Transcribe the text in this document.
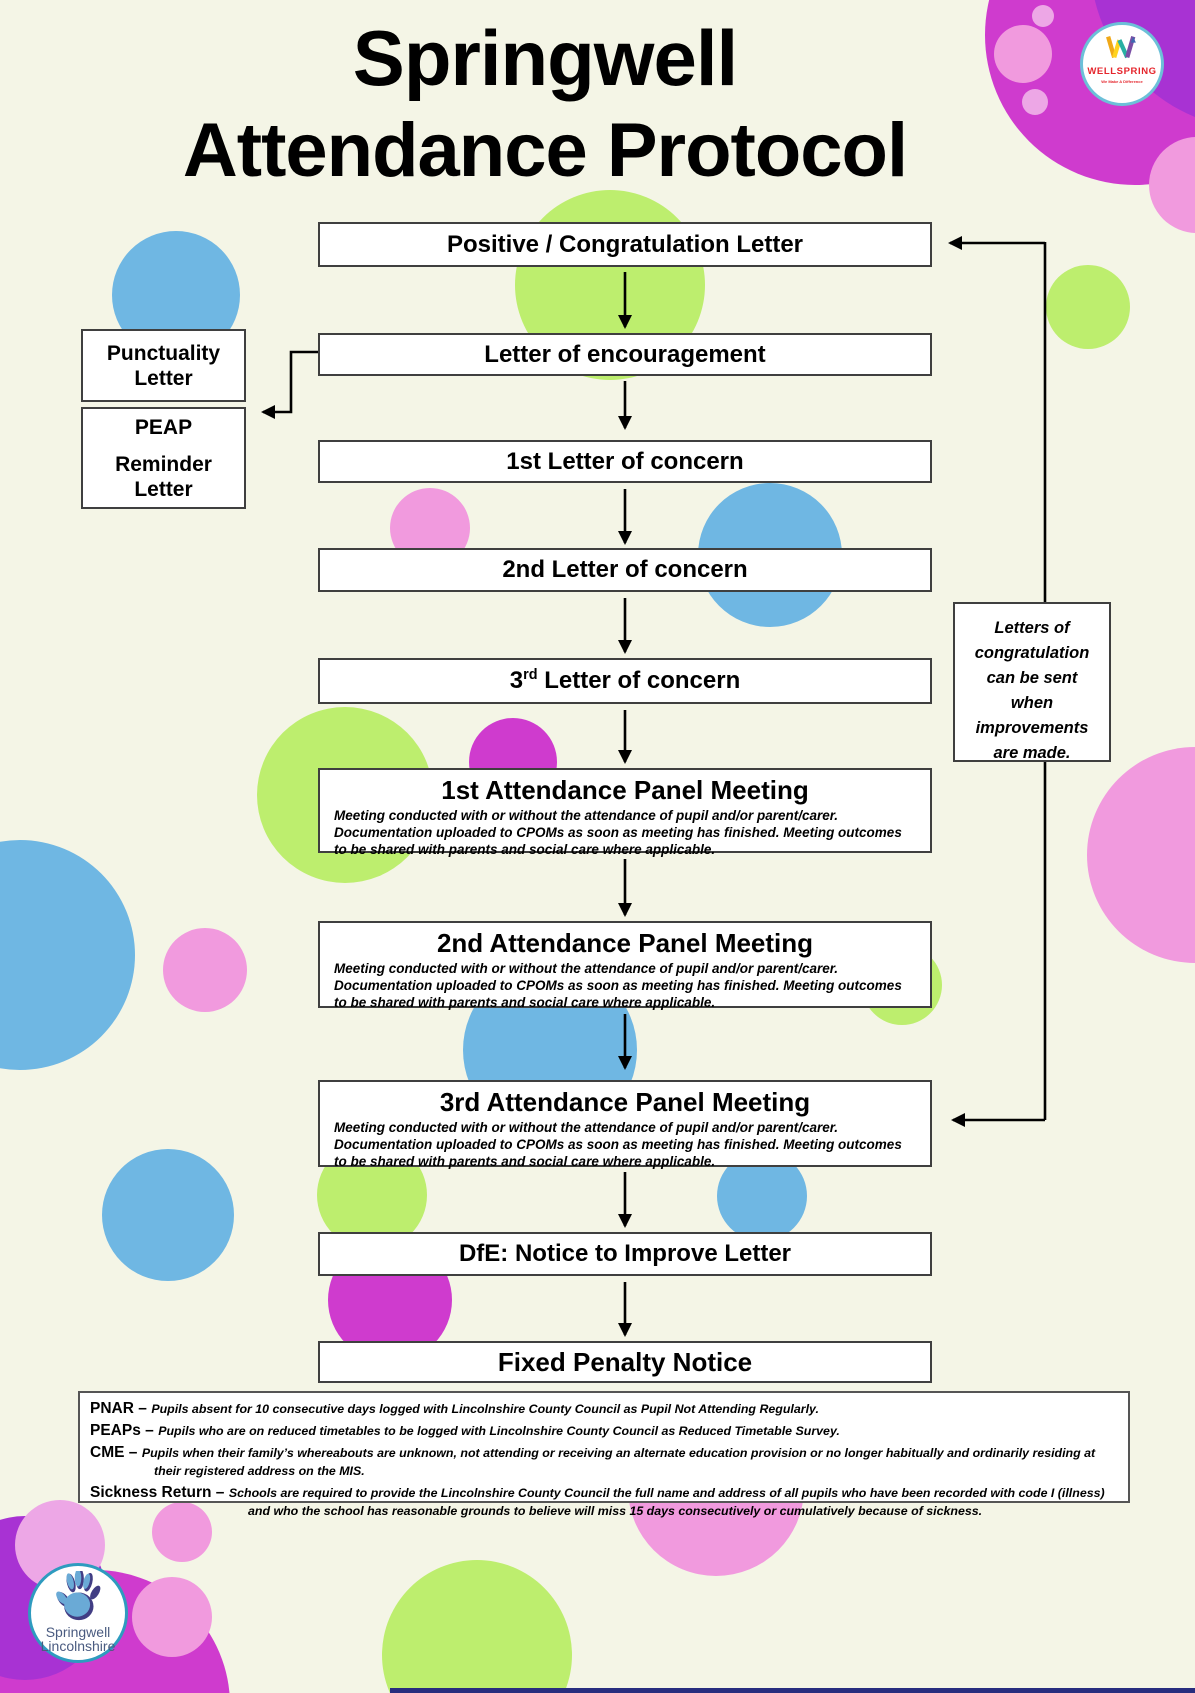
Springwell
Attendance Protocol
WELLSPRING
We Make A Difference
Positive / Congratulation Letter
Letter of encouragement
1st Letter of concern
2nd Letter of concern
3rd Letter of concern
1st Attendance Panel Meeting
Meeting conducted with or without the attendance of pupil and/or parent/carer. Documentation uploaded to CPOMs as soon as meeting has finished. Meeting outcomes to be shared with parents and social care where applicable.
2nd Attendance Panel Meeting
Meeting conducted with or without the attendance of pupil and/or parent/carer. Documentation uploaded to CPOMs as soon as meeting has finished. Meeting outcomes to be shared with parents and social care where applicable.
3rd Attendance Panel Meeting
Meeting conducted with or without the attendance of pupil and/or parent/carer. Documentation uploaded to CPOMs as soon as meeting has finished. Meeting outcomes to be shared with parents and social care where applicable.
DfE: Notice to Improve Letter
Fixed Penalty Notice
Punctuality Letter
PEAP
Reminder Letter
Letters of congratulation can be sent when improvements are made.
PNAR – Pupils absent for 10 consecutive days logged with Lincolnshire County Council as Pupil Not Attending Regularly.
PEAPs – Pupils who are on reduced timetables to be logged with Lincolnshire County Council as Reduced Timetable Survey.
CME – Pupils when their family’s whereabouts are unknown, not attending or receiving an alternate education provision or no longer habitually and ordinarily residing at their registered address on the MIS.
Sickness Return – Schools are required to provide the Lincolnshire County Council the full name and address of all pupils who have been recorded with code I (illness) and who the school has reasonable grounds to believe will miss 15 days consecutively or cumulatively because of sickness.
Springwell
Lincolnshire
